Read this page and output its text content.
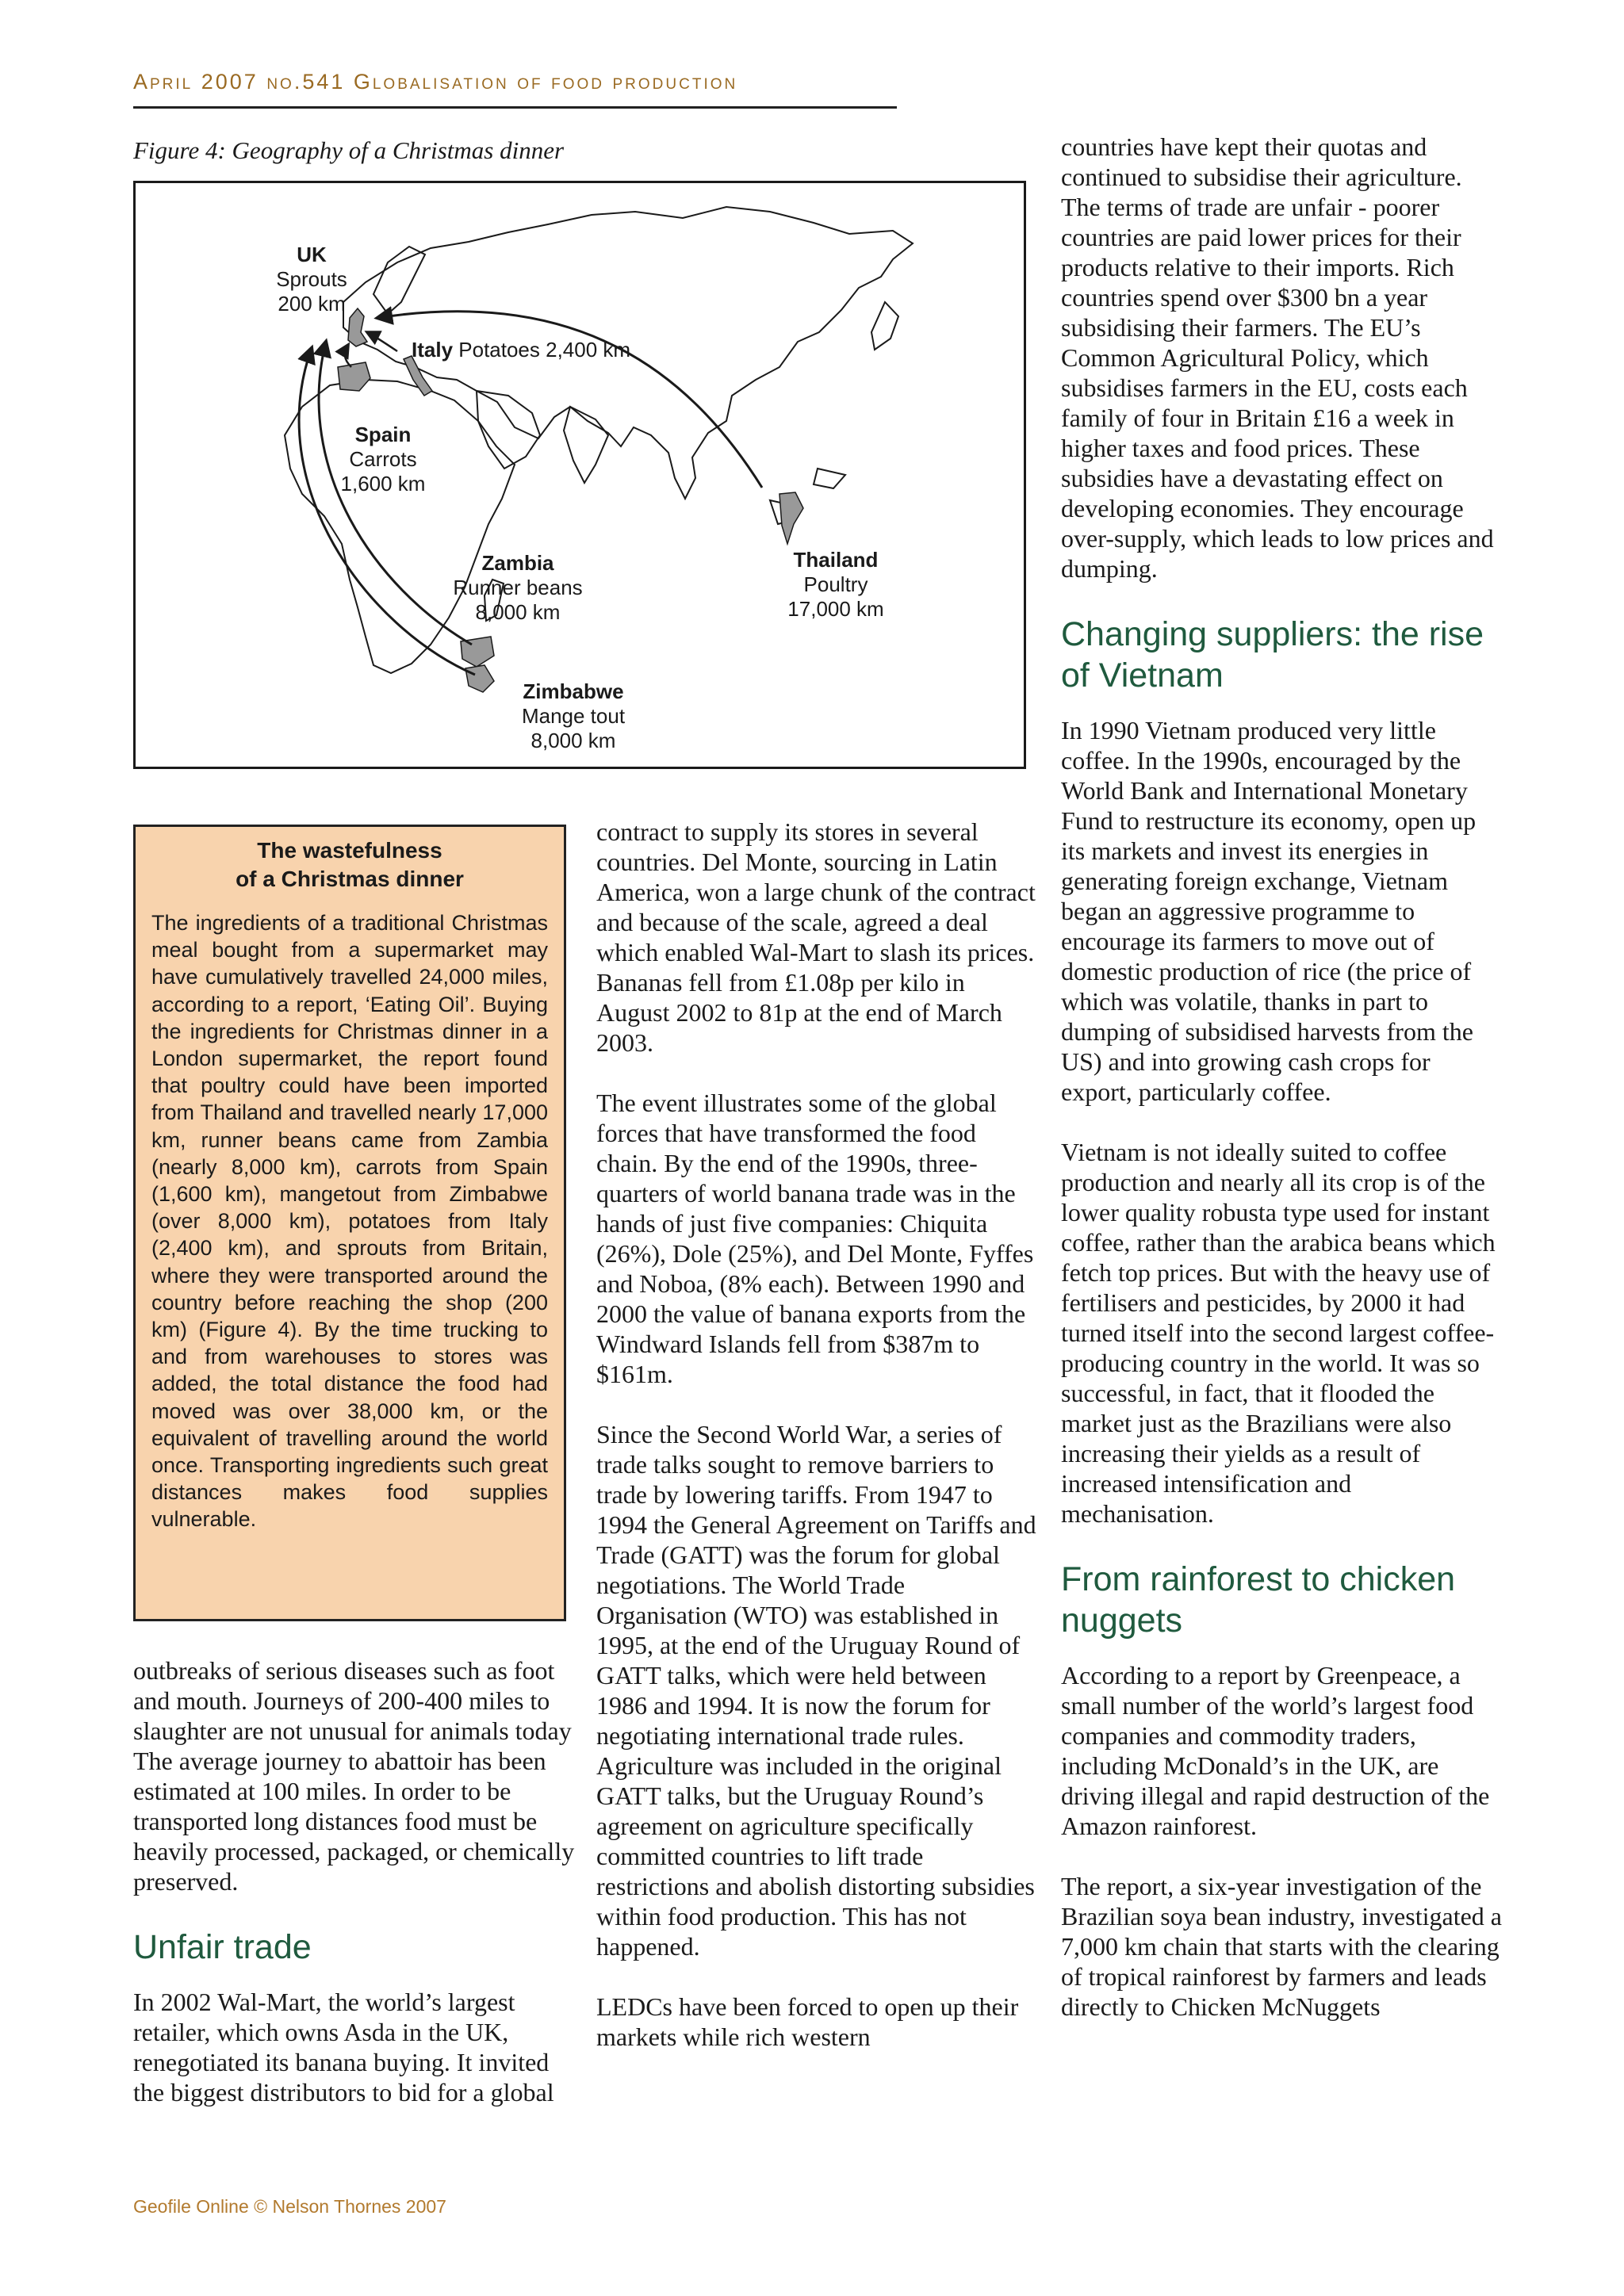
April 2007 no.541 Globalisation of food production
Figure 4: Geography of a Christmas dinner
UK
Sprouts
200 km
Italy Potatoes 2,400 km
Spain
Carrots
1,600 km
Zambia
Runner beans
8,000 km
Thailand
Poultry
17,000 km
Zimbabwe
Mange tout
8,000 km
The wastefulness
of a Christmas dinner
The ingredients of a traditional Christmas meal bought from a supermarket may have cumulatively travelled 24,000 miles, according to a report, ‘Eating Oil’. Buying the ingredients for Christmas dinner in a London supermarket, the report found that poultry could have been imported from Thailand and travelled nearly 17,000 km, runner beans came from Zambia (nearly 8,000 km), carrots from Spain (1,600 km), mangetout from Zimbabwe (over 8,000 km), potatoes from Italy (2,400 km), and sprouts from Britain, where they were transported around the country before reaching the shop (200 km) (Figure 4). By the time trucking to and from warehouses to stores was added, the total distance the food had moved was over 38,000 km, or the equivalent of travelling around the world once. Transporting ingredients such great distances makes food supplies vulnerable.

outbreaks of serious diseases such as foot and mouth. Journeys of 200-400 miles to slaughter are not unusual for animals today The average journey to abattoir has been estimated at 100 miles. In order to be transported long distances food must be heavily processed, packaged, or chemically preserved.

Unfair trade

In 2002 Wal-Mart, the world’s largest retailer, which owns Asda in the UK, renegotiated its banana buying. It invited the biggest distributors to bid for a global

contract to supply its stores in several countries. Del Monte, sourcing in Latin America, won a large chunk of the contract and because of the scale, agreed a deal which enabled Wal-Mart to slash its prices. Bananas fell from £1.08p per kilo in August 2002 to 81p at the end of March 2003.

The event illustrates some of the global forces that have transformed the food chain. By the end of the 1990s, three-quarters of world banana trade was in the hands of just five companies: Chiquita (26%), Dole (25%), and Del Monte, Fyffes and Noboa, (8% each). Between 1990 and 2000 the value of banana exports from the Windward Islands fell from $387m to $161m.

Since the Second World War, a series of trade talks sought to remove barriers to trade by lowering tariffs. From 1947 to 1994 the General Agreement on Tariffs and Trade (GATT) was the forum for global negotiations. The World Trade Organisation (WTO) was established in 1995, at the end of the Uruguay Round of GATT talks, which were held between 1986 and 1994. It is now the forum for negotiating international trade rules. Agriculture was included in the original GATT talks, but the Uruguay Round’s agreement on agriculture specifically committed countries to lift trade restrictions and abolish distorting subsidies within food production. This has not happened.

LEDCs have been forced to open up their markets while rich western

countries have kept their quotas and continued to subsidise their agriculture. The terms of trade are unfair - poorer countries are paid lower prices for their products relative to their imports. Rich countries spend over $300 bn a year subsidising their farmers. The EU’s Common Agricultural Policy, which subsidises farmers in the EU, costs each family of four in Britain £16 a week in higher taxes and food prices. These subsidies have a devastating effect on developing economies. They encourage over-supply, which leads to low prices and dumping.

Changing suppliers: the rise of Vietnam

In 1990 Vietnam produced very little coffee. In the 1990s, encouraged by the World Bank and International Monetary Fund to restructure its economy, open up its markets and invest its energies in generating foreign exchange, Vietnam began an aggressive programme to encourage its farmers to move out of domestic production of rice (the price of which was volatile, thanks in part to dumping of subsidised harvests from the US) and into growing cash crops for export, particularly coffee.

Vietnam is not ideally suited to coffee production and nearly all its crop is of the lower quality robusta type used for instant coffee, rather than the arabica beans which fetch top prices. But with the heavy use of fertilisers and pesticides, by 2000 it had turned itself into the second largest coffee-producing country in the world. It was so successful, in fact, that it flooded the market just as the Brazilians were also increasing their yields as a result of increased intensification and mechanisation.

From rainforest to chicken nuggets

According to a report by Greenpeace, a small number of the world’s largest food companies and commodity traders, including McDonald’s in the UK, are driving illegal and rapid destruction of the Amazon rainforest.

The report, a six-year investigation of the Brazilian soya bean industry, investigated a 7,000 km chain that starts with the clearing of tropical rainforest by farmers and leads directly to Chicken McNuggets

Geofile Online © Nelson Thornes 2007
